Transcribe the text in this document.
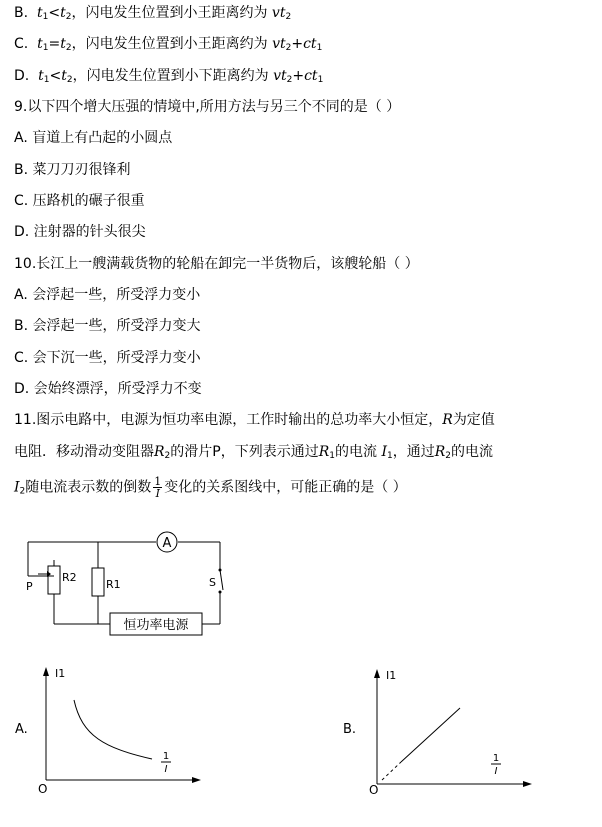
B. $t_1<t_2$，闪电发生位置到小王距离约为 $vt_2$
C. $t_1=t_2$，闪电发生位置到小王距离约为 $vt_2+ct_1$
D. $t_1<t_2$，闪电发生位置到小下距离约为 $vt_2+ct_1$
9.以下四个增大压强的情境中,所用方法与另三个不同的是（ ）
A. 盲道上有凸起的小圆点
B. 菜刀刀刃很锋利
C. 压路机的碾子很重
D. 注射器的针头很尖
10.长江上一艘满载货物的轮船在卸完一半货物后，该艘轮船（ ）
A. 会浮起一些，所受浮力变小
B. 会浮起一些，所受浮力变大
C. 会下沉一些，所受浮力变小
D. 会始终漂浮，所受浮力不变
11.图示电路中，电源为恒功率电源，工作时输出的总功率大小恒定，R为定值
电阻．移动滑动变阻器$R_2$的滑片P，下列表示通过$R_1$的电流 $I_1$，通过$R_2$的电流
$I_2$随电流表示数的倒数 $\frac{1}{I}$ 变化的关系图线中，可能正确的是（ ）
A
P
R2
R1	S
恒功率电源
A.
I1
O
1
I
B.
I1
O
1
I
